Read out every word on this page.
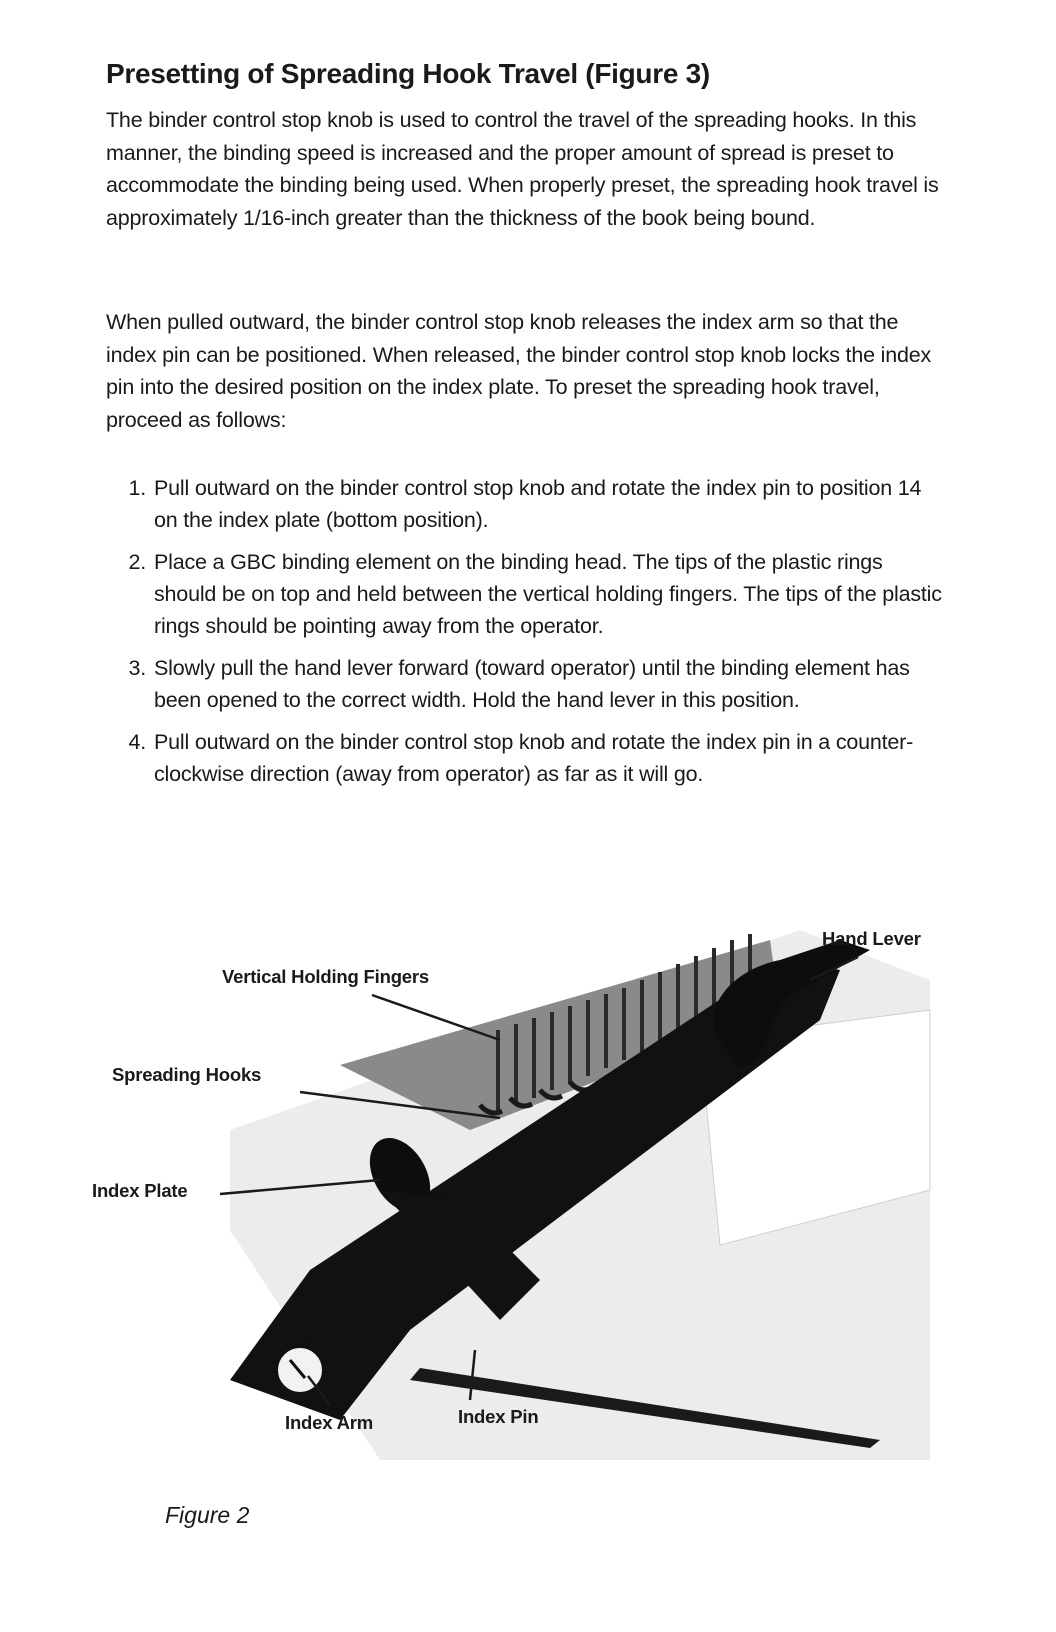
Presetting of Spreading Hook Travel (Figure 3)

The binder control stop knob is used to control the travel of the spreading hooks. In this manner, the binding speed is increased and the proper amount of spread is preset to accommodate the binding being used. When properly preset, the spreading hook travel is approximately 1/16-inch greater than the thickness of the book being bound.

When pulled outward, the binder control stop knob releases the index arm so that the index pin can be positioned. When released, the binder control stop knob locks the index pin into the desired position on the index plate. To preset the spreading hook travel, proceed as follows:

1. Pull outward on the binder control stop knob and rotate the index pin to position 14 on the index plate (bottom position).
2. Place a GBC binding element on the binding head. The tips of the plastic rings should be on top and held between the vertical holding fingers. The tips of the plastic rings should be pointing away from the operator.
3. Slowly pull the hand lever forward (toward operator) until the binding element has been opened to the correct width. Hold the hand lever in this position.
4. Pull outward on the binder control stop knob and rotate the index pin in a counter-clockwise direction (away from operator) as far as it will go.
Hand Lever
Vertical Holding Fingers
Spreading Hooks
Index Plate
Index Arm	Index Pin

Figure 2
